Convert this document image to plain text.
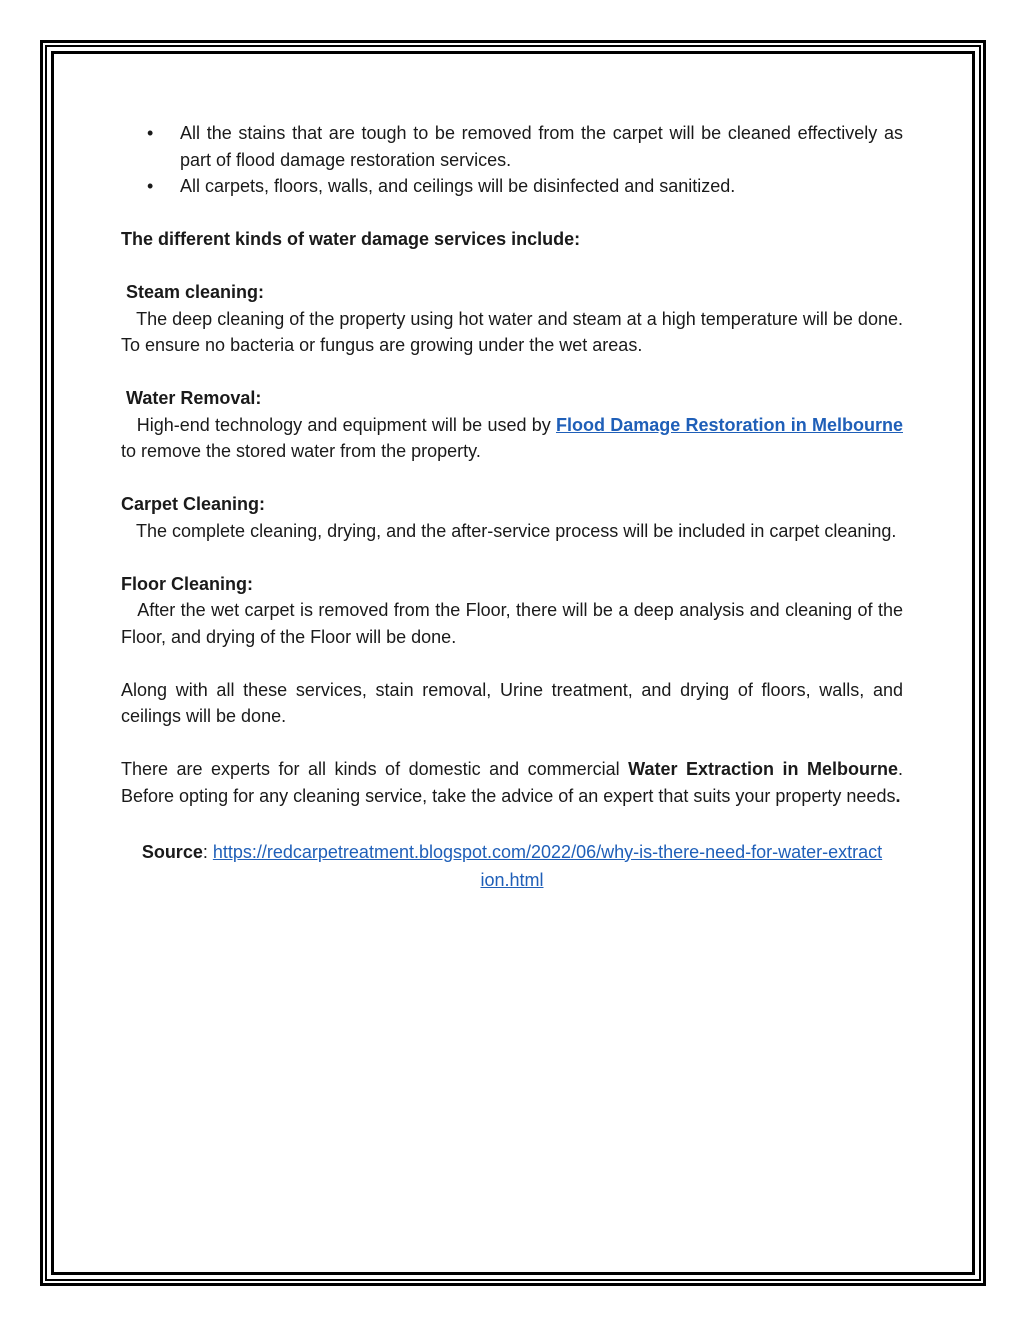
• All the stains that are tough to be removed from the carpet will be cleaned effectively as part of flood damage restoration services.
• All carpets, floors, walls, and ceilings will be disinfected and sanitized.

The different kinds of water damage services include:

Steam cleaning:

The deep cleaning of the property using hot water and steam at a high temperature will be done. To ensure no bacteria or fungus are growing under the wet areas.

Water Removal:

High-end technology and equipment will be used by Flood Damage Restoration in Melbourne to remove the stored water from the property.

Carpet Cleaning:

The complete cleaning, drying, and the after-service process will be included in carpet cleaning.

Floor Cleaning:

After the wet carpet is removed from the Floor, there will be a deep analysis and cleaning of the Floor, and drying of the Floor will be done.

Along with all these services, stain removal, Urine treatment, and drying of floors, walls, and ceilings will be done.

There are experts for all kinds of domestic and commercial Water Extraction in Melbourne. Before opting for any cleaning service, take the advice of an expert that suits your property needs.

Source: https://redcarpetreatment.blogspot.com/2022/06/why-is-there-need-for-water-extraction.html
